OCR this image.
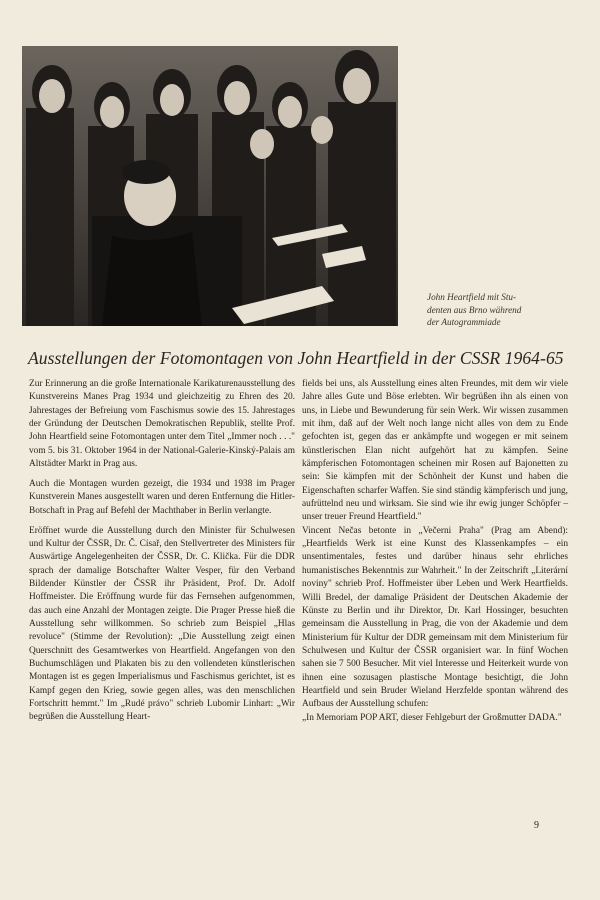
John Heartfield mit Stu-
denten aus Brno während
der Autogrammiade
Ausstellungen der Fotomontagen von John Heartfield in der CSSR 1964-65

Zur Erinnerung an die große Internationale Karikaturenausstellung des Kunstvereins Manes Prag 1934 und gleichzeitig zu Ehren des 20. Jahrestages der Befreiung vom Faschismus sowie des 15. Jahrestages der Gründung der Deutschen Demokratischen Republik, stellte Prof. John Heartfield seine Fotomontagen unter dem Titel „Immer noch . . ." vom 5. bis 31. Oktober 1964 in der National-Galerie-Kinský-Palais am Altstädter Markt in Prag aus.

Auch die Montagen wurden gezeigt, die 1934 und 1938 im Prager Kunstverein Manes ausgestellt waren und deren Entfernung die Hitler-Botschaft in Prag auf Befehl der Machthaber in Berlin verlangte.

Eröffnet wurde die Ausstellung durch den Minister für Schulwesen und Kultur der ČSSR, Dr. Č. Císař, den Stellvertreter des Ministers für Auswärtige Angelegenheiten der ČSSR, Dr. C. Klička. Für die DDR sprach der damalige Botschafter Walter Vesper, für den Verband Bildender Künstler der ČSSR ihr Präsident, Prof. Dr. Adolf Hoffmeister. Die Eröffnung wurde für das Fernsehen aufgenommen, das auch eine Anzahl der Montagen zeigte. Die Prager Presse hieß die Ausstellung sehr willkommen. So schrieb zum Beispiel „Hlas revoluce" (Stimme der Revolution): „Die Ausstellung zeigt einen Querschnitt des Gesamtwerkes von Heartfield. Angefangen von den Buchumschlägen und Plakaten bis zu den vollendeten künstlerischen Montagen ist es gegen Imperialismus und Faschismus gerichtet, ist es Kampf gegen den Krieg, sowie gegen alles, was den menschlichen Fortschritt hemmt." Im „Rudé právo" schrieb Lubomir Linhart: „Wir begrüßen die Ausstellung Heart-

fields bei uns, als Ausstellung eines alten Freundes, mit dem wir viele Jahre alles Gute und Böse erlebten. Wir begrüßen ihn als einen von uns, in Liebe und Bewunderung für sein Werk. Wir wissen zusammen mit ihm, daß auf der Welt noch lange nicht alles von dem zu Ende gefochten ist, gegen das er ankämpfte und wogegen er mit seinem künstlerischen Elan nicht aufgehört hat zu kämpfen. Seine kämpferischen Fotomontagen scheinen mir Rosen auf Bajonetten zu sein: Sie kämpfen mit der Schönheit der Kunst und haben die Eigenschaften scharfer Waffen. Sie sind ständig kämpferisch und jung, aufrüttelnd neu und wirksam. Sie sind wie ihr ewig junger Schöpfer – unser treuer Freund Heartfield."

Vincent Nečas betonte in „Večerni Praha" (Prag am Abend): „Heartfields Werk ist eine Kunst des Klassenkampfes – ein unsentimentales, festes und darüber hinaus sehr ehrliches humanistisches Bekenntnis zur Wahrheit." In der Zeitschrift „Literární noviny" schrieb Prof. Hoffmeister über Leben und Werk Heartfields. Willi Bredel, der damalige Präsident der Deutschen Akademie der Künste zu Berlin und ihr Direktor, Dr. Karl Hossinger, besuchten gemeinsam die Ausstellung in Prag, die von der Akademie und dem Ministerium für Kultur der DDR gemeinsam mit dem Ministerium für Schulwesen und Kultur der ČSSR organisiert war. In fünf Wochen sahen sie 7 500 Besucher. Mit viel Interesse und Heiterkeit wurde von ihnen eine sozusagen plastische Montage besichtigt, die John Heartfield und sein Bruder Wieland Herzfelde spontan während des Aufbaus der Ausstellung schufen:

„In Memoriam POP ART, dieser Fehlgeburt der Großmutter DADA."

9
